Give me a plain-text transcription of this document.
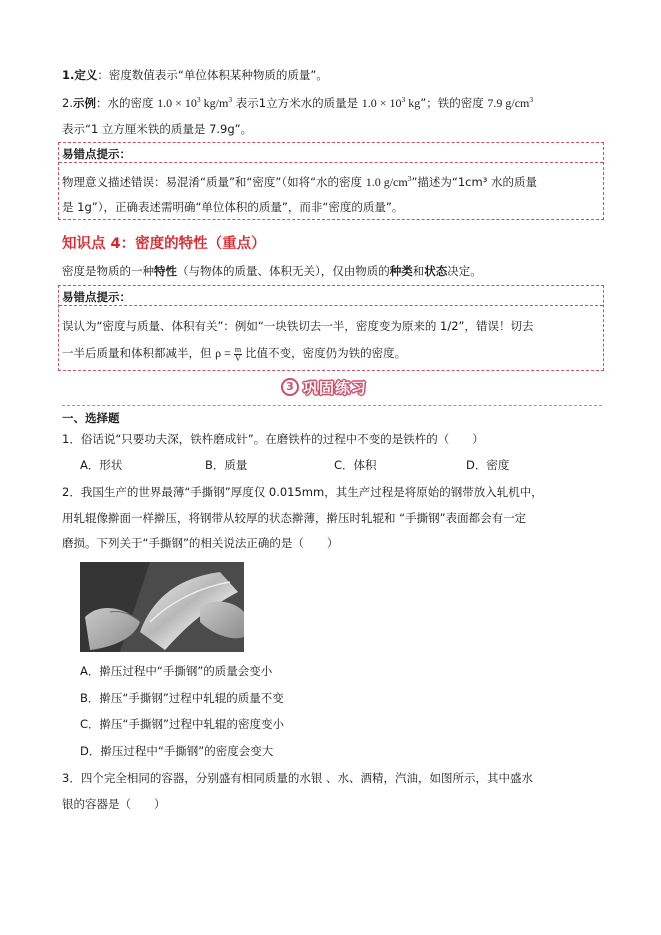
1.定义：密度数值表示“单位体积某种物质的质量”。
2.示例：水的密度 $1.0 \times 10^3$ $kg/m^3$ 表示1立方米水的质量是 $1.0 \times 10^3$ kg”；铁的密度 7.9 $g/cm^3$
表示“1 立方厘米铁的质量是 7.9g”。
易错点提示：
物理意义描述错误：易混淆“质量”和“密度”（如将“水的密度 1.0 $g/cm^3$”描述为“1cm³ 水的质量
是 1g”），正确表述需明确“单位体积的质量”，而非“密度的质量”。
知识点 4：密度的特性（重点）
密度是物质的一种特性（与物体的质量、体积无关），仅由物质的种类和状态决定。
易错点提示：
误认为“密度与质量、体积有关”：例如“一块铁切去一半，密度变为原来的 1/2”，错误！切去
一半后质量和体积都减半，但 $\rho = \frac{m}{V}$ 比值不变，密度仍为铁的密度。
3 巩固练习
一、选择题
1．俗话说“只要功夫深，铁杵磨成针”。在磨铁杵的过程中不变的是铁杵的（　　）
A．形状	B．质量	C．体积	D．密度
2．我国生产的世界最薄“手撕钢”厚度仅 0.015mm，其生产过程是将原始的钢带放入轧机中，
用轧辊像擀面一样擀压，将钢带从较厚的状态擀薄，擀压时轧辊和 “手撕钢”表面都会有一定
磨损。下列关于“手撕钢”的相关说法正确的是（　　）
A．擀压过程中“手撕钢”的质量会变小
B．擀压“手撕钢”过程中轧辊的质量不变
C．擀压“手撕钢”过程中轧辊的密度变小
D．擀压过程中“手撕钢”的密度会变大
3．四个完全相同的容器，分别盛有相同质量的水银 、水、酒精，汽油，如图所示，其中盛水
银的容器是（　　）
